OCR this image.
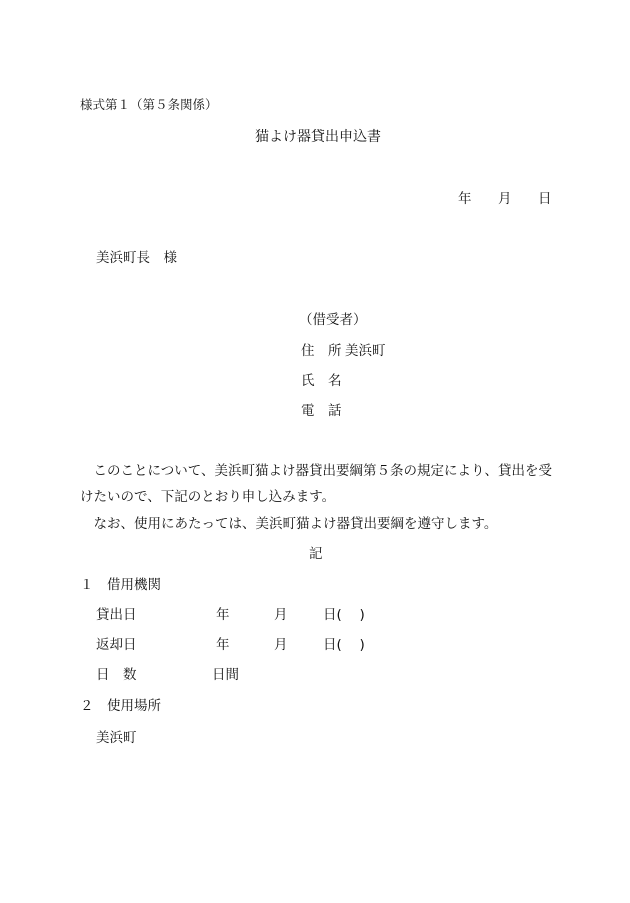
様式第１（第５条関係）
猫よけ器貸出申込書
年 月 日
美浜町長　様
（借受者）
住　所 美浜町
氏　名
電　話
　このことについて、美浜町猫よけ器貸出要綱第５条の規定により、貸出を受けたいので、下記のとおり申し込みます。
　なお、使用にあたっては、美浜町猫よけ器貸出要綱を遵守します。
記
１　借用機関
貸出日	年	月	日(　 )
返却日	年	月	日(　 )
日　数	日間
２　使用場所
美浜町
